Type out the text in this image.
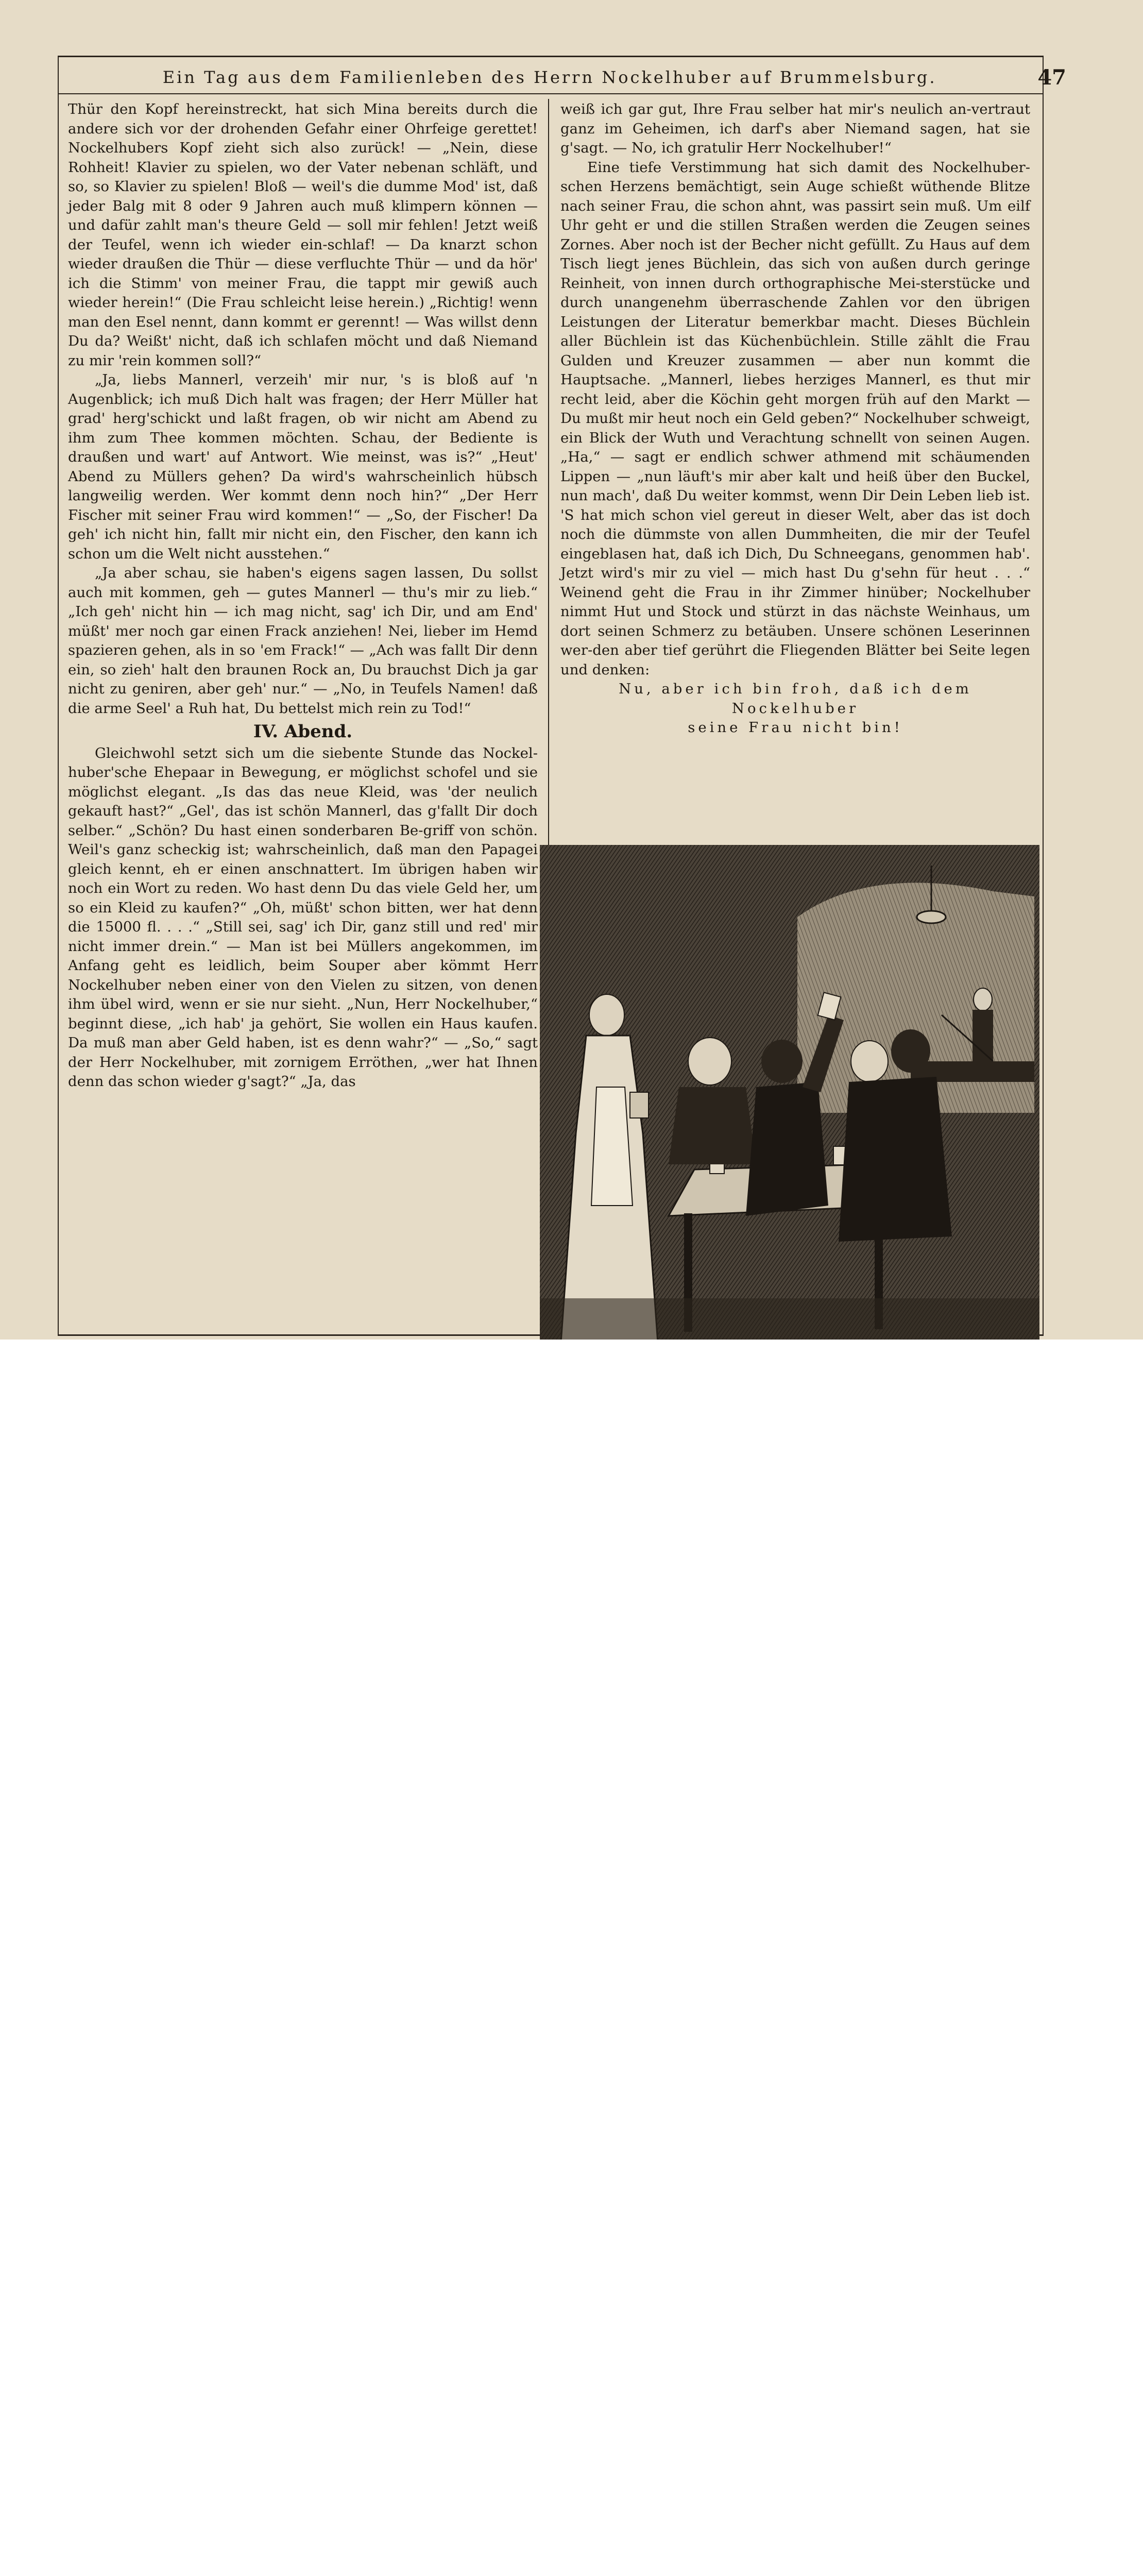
Ein Tag aus dem Familienleben des Herrn Nockelhuber auf Brummelsburg.	47

Thür den Kopf hereinstreckt, hat sich Mina bereits durch die andere sich vor der drohenden Gefahr einer Ohrfeige gerettet! Nockelhubers Kopf zieht sich also zurück! — „Nein, diese Rohheit! Klavier zu spielen, wo der Vater nebenan schläft, und so, so Klavier zu spielen! Bloß — weil's die dumme Mod' ist, daß jeder Balg mit 8 oder 9 Jahren auch muß klimpern können — und dafür zahlt man's theure Geld — soll mir fehlen! Jetzt weiß der Teufel, wenn ich wieder ein-schlaf! — Da knarzt schon wieder draußen die Thür — diese verfluchte Thür — und da hör' ich die Stimm' von meiner Frau, die tappt mir gewiß auch wieder herein!“ (Die Frau schleicht leise herein.) „Richtig! wenn man den Esel nennt, dann kommt er gerennt! — Was willst denn Du da? Weißt' nicht, daß ich schlafen möcht und daß Niemand zu mir 'rein kommen soll?“

„Ja, liebs Mannerl, verzeih' mir nur, 's is bloß auf 'n Augenblick; ich muß Dich halt was fragen; der Herr Müller hat grad' herg'schickt und laßt fragen, ob wir nicht am Abend zu ihm zum Thee kommen möchten. Schau, der Bediente is draußen und wart' auf Antwort. Wie meinst, was is?“ „Heut' Abend zu Müllers gehen? Da wird's wahrscheinlich hübsch langweilig werden. Wer kommt denn noch hin?“ „Der Herr Fischer mit seiner Frau wird kommen!“ — „So, der Fischer! Da geh' ich nicht hin, fallt mir nicht ein, den Fischer, den kann ich schon um die Welt nicht ausstehen.“

„Ja aber schau, sie haben's eigens sagen lassen, Du sollst auch mit kommen, geh — gutes Mannerl — thu's mir zu lieb.“ „Ich geh' nicht hin — ich mag nicht, sag' ich Dir, und am End' müßt' mer noch gar einen Frack anziehen! Nei, lieber im Hemd spazieren gehen, als in so 'em Frack!“ — „Ach was fallt Dir denn ein, so zieh' halt den braunen Rock an, Du brauchst Dich ja gar nicht zu geniren, aber geh' nur.“ — „No, in Teufels Namen! daß die arme Seel' a Ruh hat, Du bettelst mich rein zu Tod!“

IV. Abend.

Gleichwohl setzt sich um die siebente Stunde das Nockel-huber'sche Ehepaar in Bewegung, er möglichst schofel und sie möglichst elegant. „Is das das neue Kleid, was 'der neulich gekauft hast?“ „Gel', das ist schön Mannerl, das g'fallt Dir doch selber.“ „Schön? Du hast einen sonderbaren Be-griff von schön. Weil's ganz scheckig ist; wahrscheinlich, daß man den Papagei gleich kennt, eh er einen anschnattert. Im übrigen haben wir noch ein Wort zu reden. Wo hast denn Du das viele Geld her, um so ein Kleid zu kaufen?“ „Oh, müßt' schon bitten, wer hat denn die 15000 fl. . . .“ „Still sei, sag' ich Dir, ganz still und red' mir nicht immer drein.“ — Man ist bei Müllers angekommen, im Anfang geht es leidlich, beim Souper aber kömmt Herr Nockelhuber neben einer von den Vielen zu sitzen, von denen ihm übel wird, wenn er sie nur sieht. „Nun, Herr Nockelhuber,“ beginnt diese, „ich hab' ja gehört, Sie wollen ein Haus kaufen. Da muß man aber Geld haben, ist es denn wahr?“ — „So,“ sagt der Herr Nockelhuber, mit zornigem Erröthen, „wer hat Ihnen denn das schon wieder g'sagt?“ „Ja, das

weiß ich gar gut, Ihre Frau selber hat mir's neulich an-vertraut ganz im Geheimen, ich darf's aber Niemand sagen, hat sie g'sagt. — No, ich gratulir Herr Nockelhuber!“

Eine tiefe Verstimmung hat sich damit des Nockelhuber-schen Herzens bemächtigt, sein Auge schießt wüthende Blitze nach seiner Frau, die schon ahnt, was passirt sein muß. Um eilf Uhr geht er und die stillen Straßen werden die Zeugen seines Zornes. Aber noch ist der Becher nicht gefüllt. Zu Haus auf dem Tisch liegt jenes Büchlein, das sich von außen durch geringe Reinheit, von innen durch orthographische Mei-sterstücke und durch unangenehm überraschende Zahlen vor den übrigen Leistungen der Literatur bemerkbar macht. Dieses Büchlein aller Büchlein ist das Küchenbüchlein. Stille zählt die Frau Gulden und Kreuzer zusammen — aber nun kommt die Hauptsache. „Mannerl, liebes herziges Mannerl, es thut mir recht leid, aber die Köchin geht morgen früh auf den Markt — Du mußt mir heut noch ein Geld geben?“ Nockelhuber schweigt, ein Blick der Wuth und Verachtung schnellt von seinen Augen. „Ha,“ — sagt er endlich schwer athmend mit schäumenden Lippen — „nun läuft's mir aber kalt und heiß über den Buckel, nun mach', daß Du weiter kommst, wenn Dir Dein Leben lieb ist. 'S hat mich schon viel gereut in dieser Welt, aber das ist doch noch die dümmste von allen Dummheiten, die mir der Teufel eingeblasen hat, daß ich Dich, Du Schneegans, genommen hab'. Jetzt wird's mir zu viel — mich hast Du g'sehn für heut . . .“ Weinend geht die Frau in ihr Zimmer hinüber; Nockelhuber nimmt Hut und Stock und stürzt in das nächste Weinhaus, um dort seinen Schmerz zu betäuben. Unsere schönen Leserinnen wer-den aber tief gerührt die Fliegenden Blätter bei Seite legen und denken:

Nu, aber ich bin froh, daß ich dem Nockelhuber

seine Frau nicht bin!
